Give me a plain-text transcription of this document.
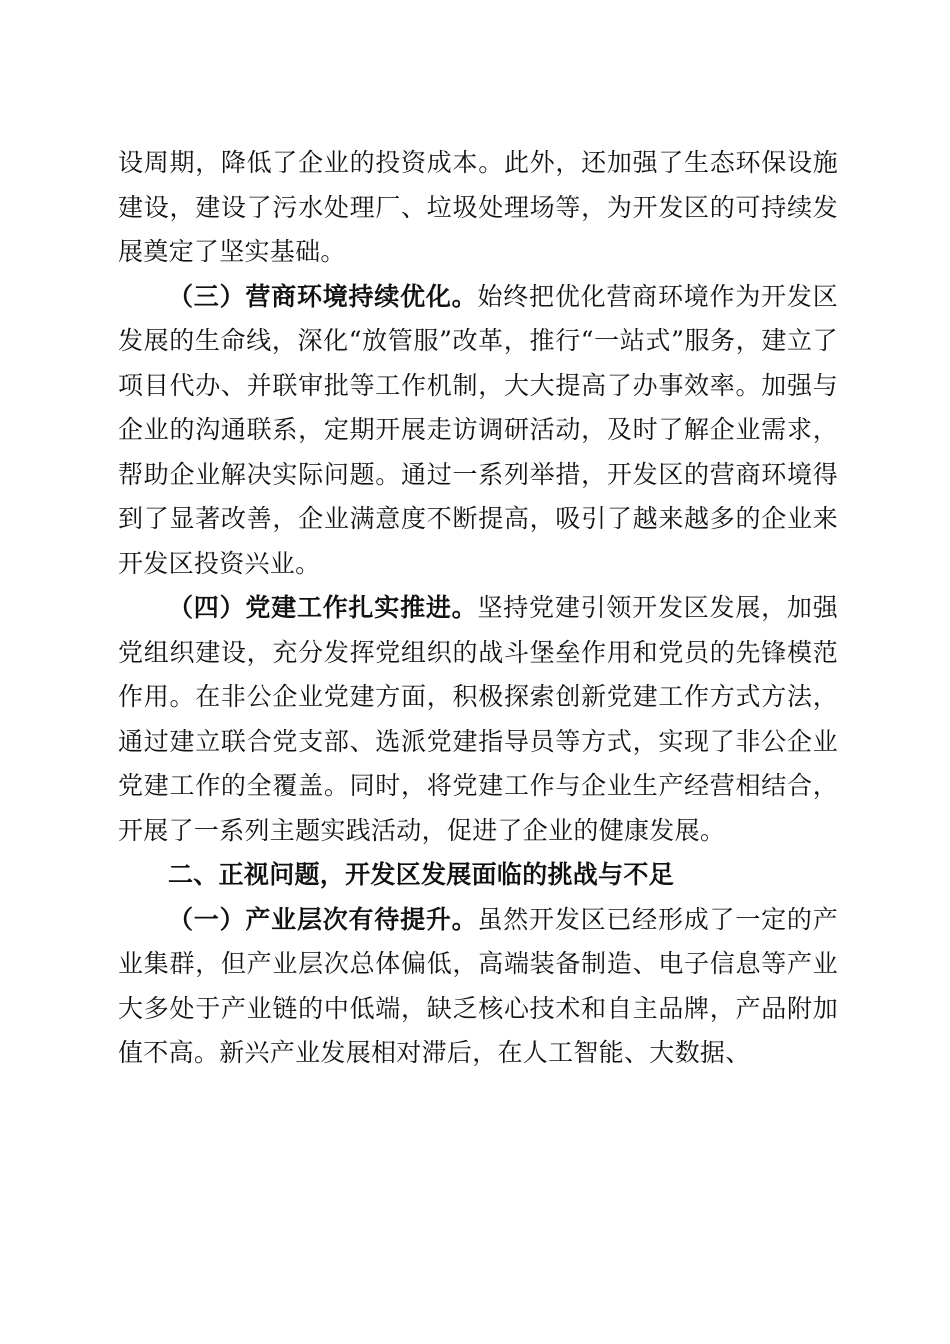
设周期，降低了企业的投资成本。此外，还加强了生态环保设施建设，建设了污水处理厂、垃圾处理场等，为开发区的可持续发展奠定了坚实基础。

（三）营商环境持续优化。始终把优化营商环境作为开发区发展的生命线，深化“放管服”改革，推行“一站式”服务，建立了项目代办、并联审批等工作机制，大大提高了办事效率。加强与企业的沟通联系，定期开展走访调研活动，及时了解企业需求，帮助企业解决实际问题。通过一系列举措，开发区的营商环境得到了显著改善，企业满意度不断提高，吸引了越来越多的企业来开发区投资兴业。

（四）党建工作扎实推进。坚持党建引领开发区发展，加强党组织建设，充分发挥党组织的战斗堡垒作用和党员的先锋模范作用。在非公企业党建方面，积极探索创新党建工作方式方法，通过建立联合党支部、选派党建指导员等方式，实现了非公企业党建工作的全覆盖。同时，将党建工作与企业生产经营相结合，开展了一系列主题实践活动，促进了企业的健康发展。

二、正视问题，开发区发展面临的挑战与不足

（一）产业层次有待提升。虽然开发区已经形成了一定的产业集群，但产业层次总体偏低，高端装备制造、电子信息等产业大多处于产业链的中低端，缺乏核心技术和自主品牌，产品附加值不高。新兴产业发展相对滞后，在人工智能、大数据、
